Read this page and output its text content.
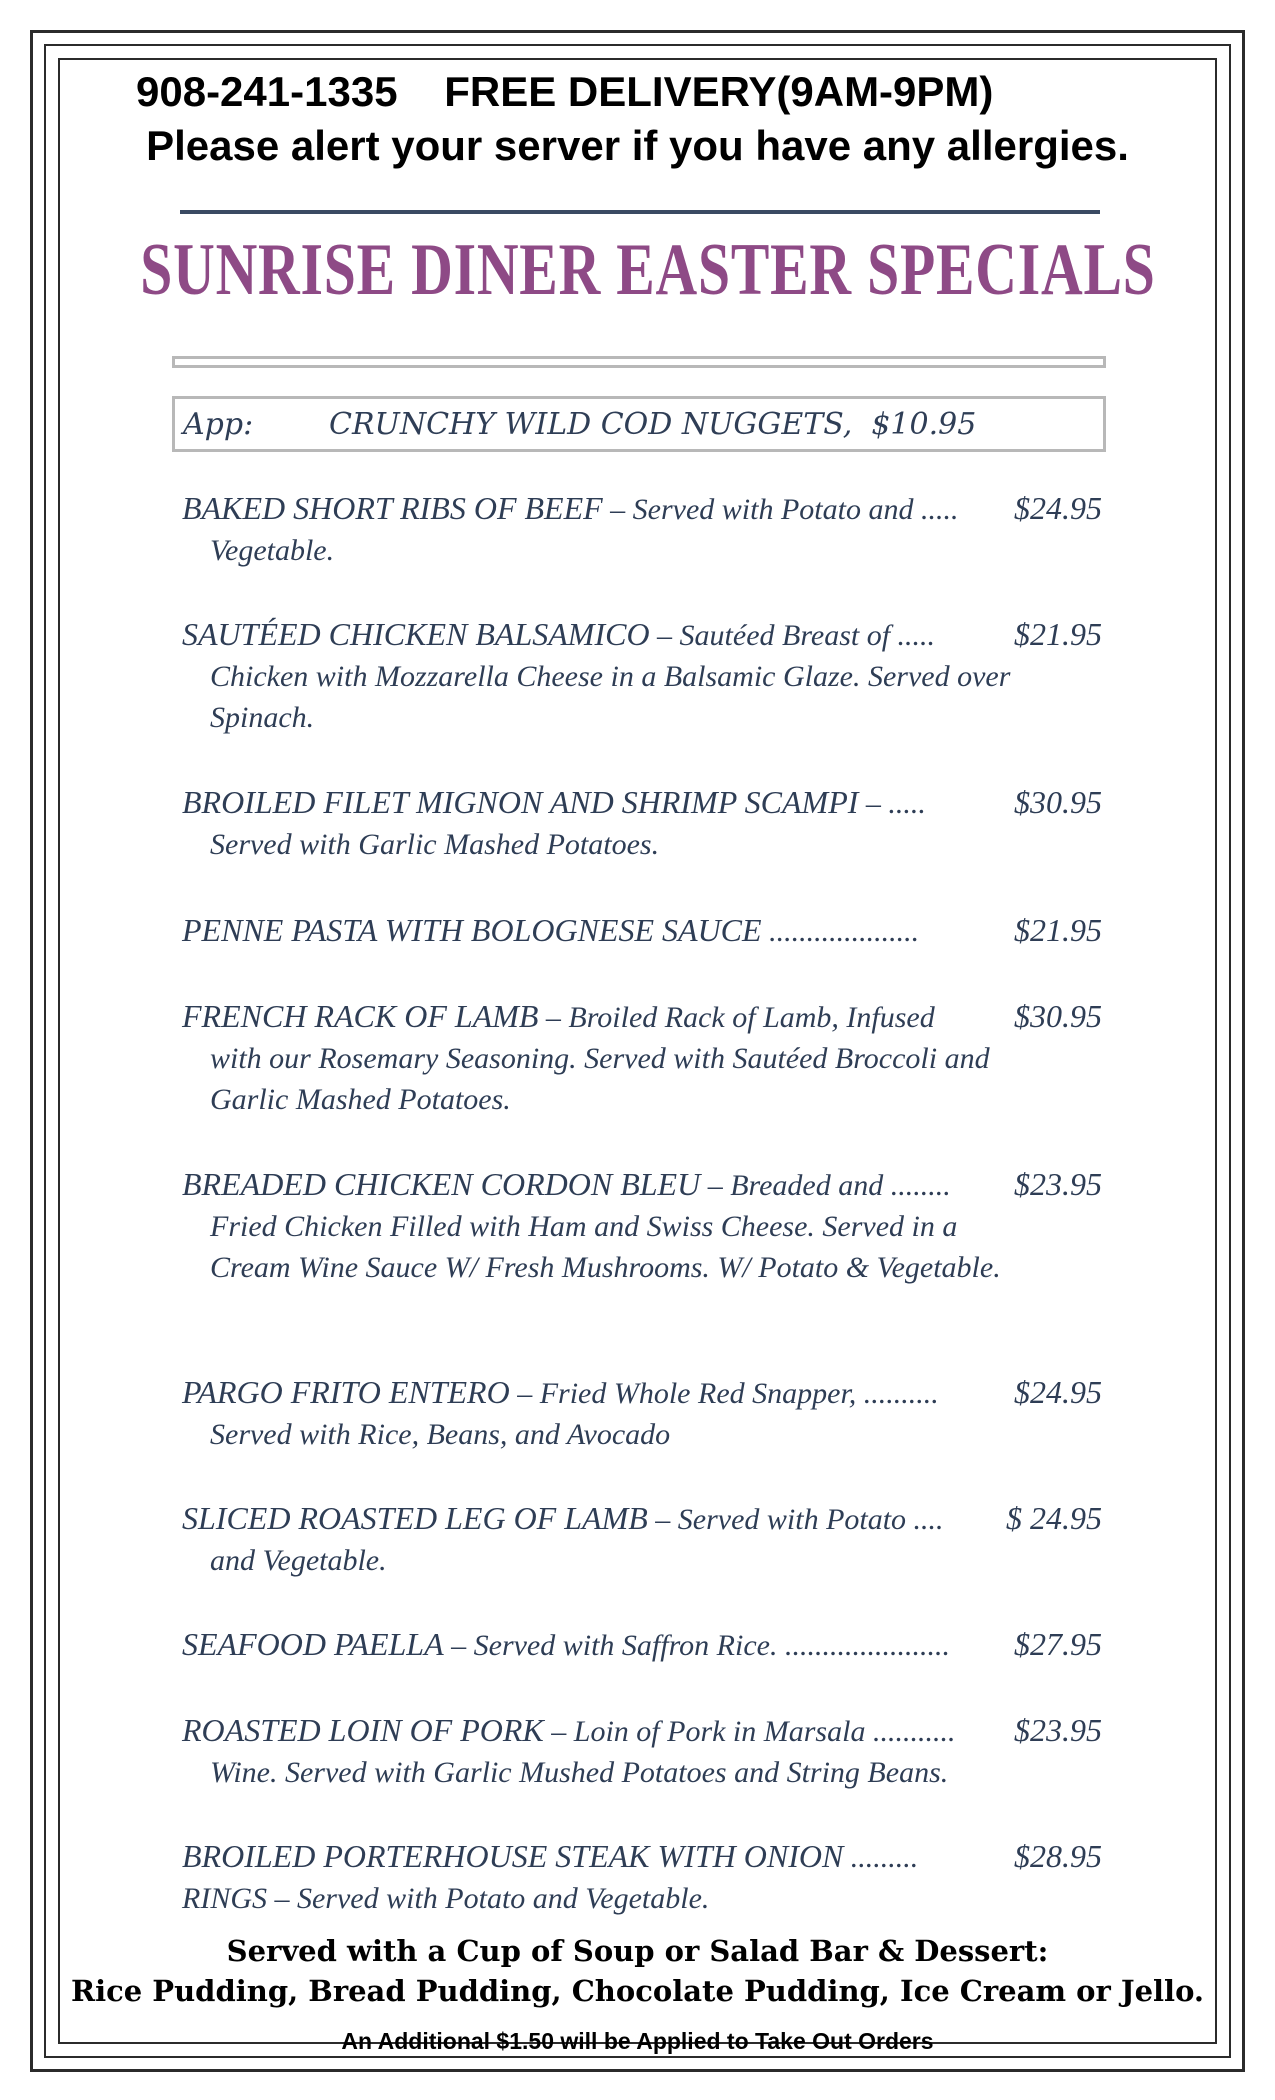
908-241-1335    FREE DELIVERY(9AM-9PM)
Please alert your server if you have any allergies.
SUNRISE DINER EASTER SPECIALS
App:	CRUNCHY WILD COD NUGGETS,  $10.95
BAKED SHORT RIBS OF BEEF – Served with Potato and .....	$24.95
Vegetable.
SAUTÉED CHICKEN BALSAMICO – Sautéed Breast of .....	$21.95
Chicken with Mozzarella Cheese in a Balsamic Glaze. Served over Spinach.
BROILED FILET MIGNON AND SHRIMP SCAMPI – .....	$30.95
Served with Garlic Mashed Potatoes.
PENNE PASTA WITH BOLOGNESE SAUCE ....................	$21.95
FRENCH RACK OF LAMB – Broiled Rack of Lamb, Infused	$30.95
with our Rosemary Seasoning. Served with Sautéed Broccoli and Garlic Mashed Potatoes.
BREADED CHICKEN CORDON BLEU – Breaded and ........	$23.95
Fried Chicken Filled with Ham and Swiss Cheese. Served in a Cream Wine Sauce W/ Fresh Mushrooms. W/ Potato & Vegetable.
PARGO FRITO ENTERO – Fried Whole Red Snapper, ..........	$24.95
Served with Rice, Beans, and Avocado
SLICED ROASTED LEG OF LAMB – Served with Potato ....	$ 24.95
and Vegetable.
SEAFOOD PAELLA – Served with Saffron Rice. ......................	$27.95
ROASTED LOIN OF PORK – Loin of Pork in Marsala ...........	$23.95
Wine. Served with Garlic Mushed Potatoes and String Beans.
BROILED PORTERHOUSE STEAK WITH ONION .........	$28.95
RINGS – Served with Potato and Vegetable.
Served with a Cup of Soup or Salad Bar & Dessert:
Rice Pudding, Bread Pudding, Chocolate Pudding, Ice Cream or Jello.
An Additional $1.50 will be Applied to Take Out Orders
